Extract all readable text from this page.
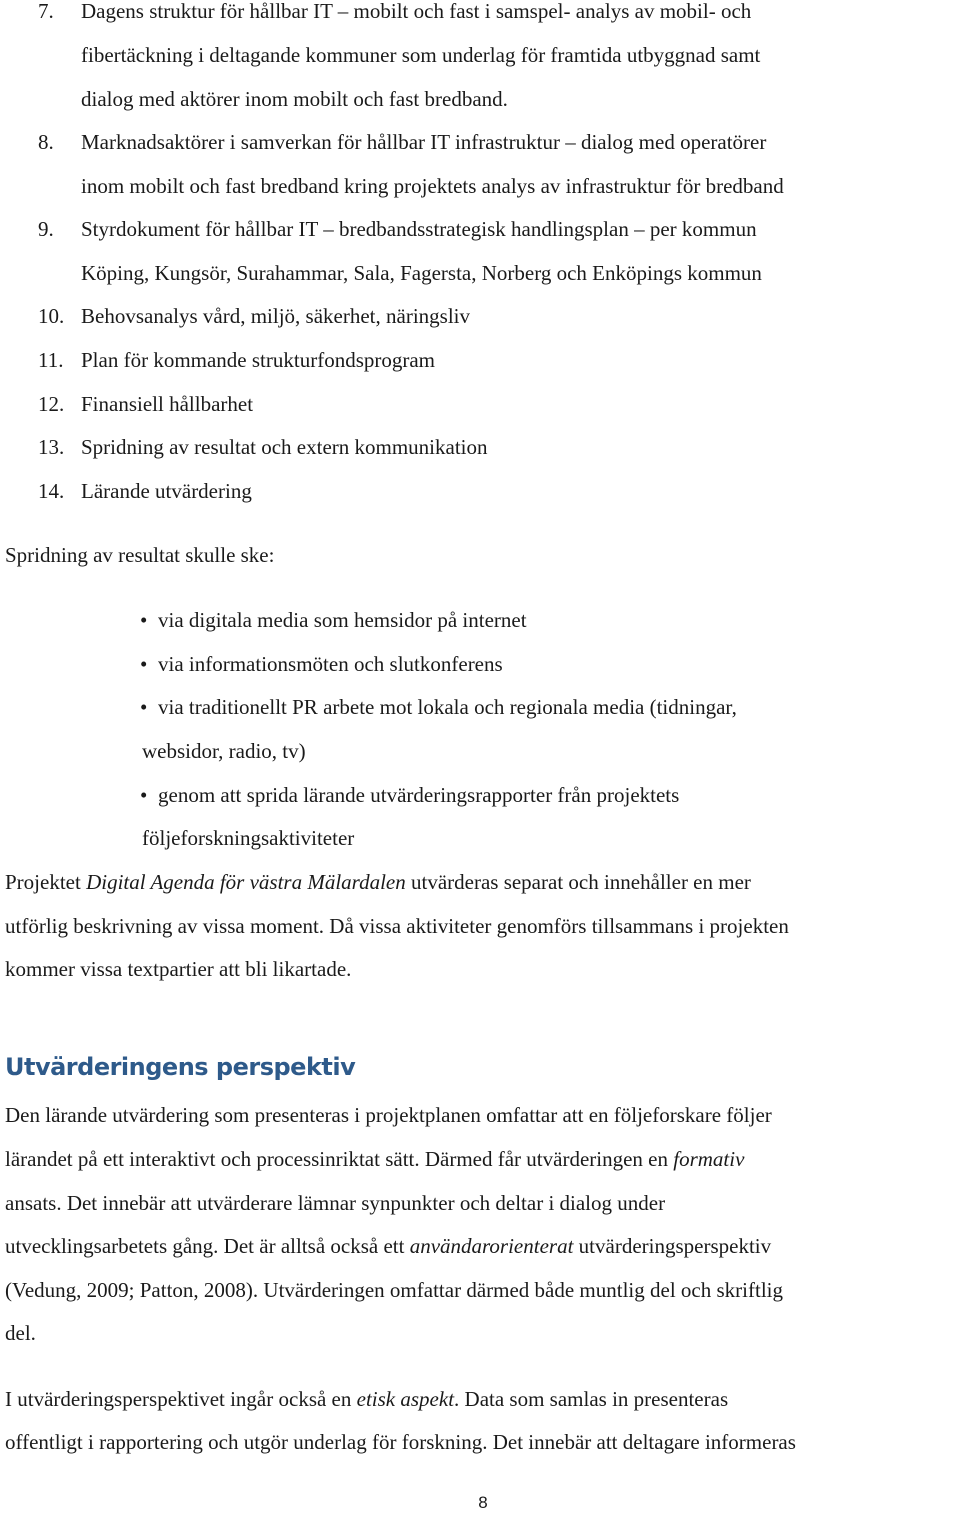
7.	Dagens struktur för hållbar IT – mobilt och fast i samspel- analys av mobil- och
fibertäckning i deltagande kommuner som underlag för framtida utbyggnad samt
dialog med aktörer inom mobilt och fast bredband.
8.	Marknadsaktörer i samverkan för hållbar IT infrastruktur – dialog med operatörer
inom mobilt och fast bredband kring projektets analys av infrastruktur för bredband
9.	Styrdokument för hållbar IT – bredbandsstrategisk handlingsplan – per kommun
Köping, Kungsör, Surahammar, Sala, Fagersta, Norberg och Enköpings kommun
10. Behovsanalys vård, miljö, säkerhet, näringsliv
11. Plan för kommande strukturfondsprogram
12. Finansiell hållbarhet
13. Spridning av resultat och extern kommunikation
14. Lärande utvärdering
Spridning av resultat skulle ske:
• via digitala media som hemsidor på internet
• via informationsmöten och slutkonferens
• via traditionellt PR arbete mot lokala och regionala media (tidningar,
websidor, radio, tv)
• genom att sprida lärande utvärderingsrapporter från projektets
följeforskningsaktiviteter
Projektet Digital Agenda för västra Mälardalen utvärderas separat och innehåller en mer
utförlig beskrivning av vissa moment. Då vissa aktiviteter genomförs tillsammans i projekten
kommer vissa textpartier att bli likartade.
Utvärderingens perspektiv
Den lärande utvärdering som presenteras i projektplanen omfattar att en följeforskare följer
lärandet på ett interaktivt och processinriktat sätt. Därmed får utvärderingen en formativ
ansats. Det innebär att utvärderare lämnar synpunkter och deltar i dialog under
utvecklingsarbetets gång. Det är alltså också ett användarorienterat utvärderingsperspektiv
(Vedung, 2009; Patton, 2008). Utvärderingen omfattar därmed både muntlig del och skriftlig
del.
I utvärderingsperspektivet ingår också en etisk aspekt. Data som samlas in presenteras
offentligt i rapportering och utgör underlag för forskning. Det innebär att deltagare informeras
8
